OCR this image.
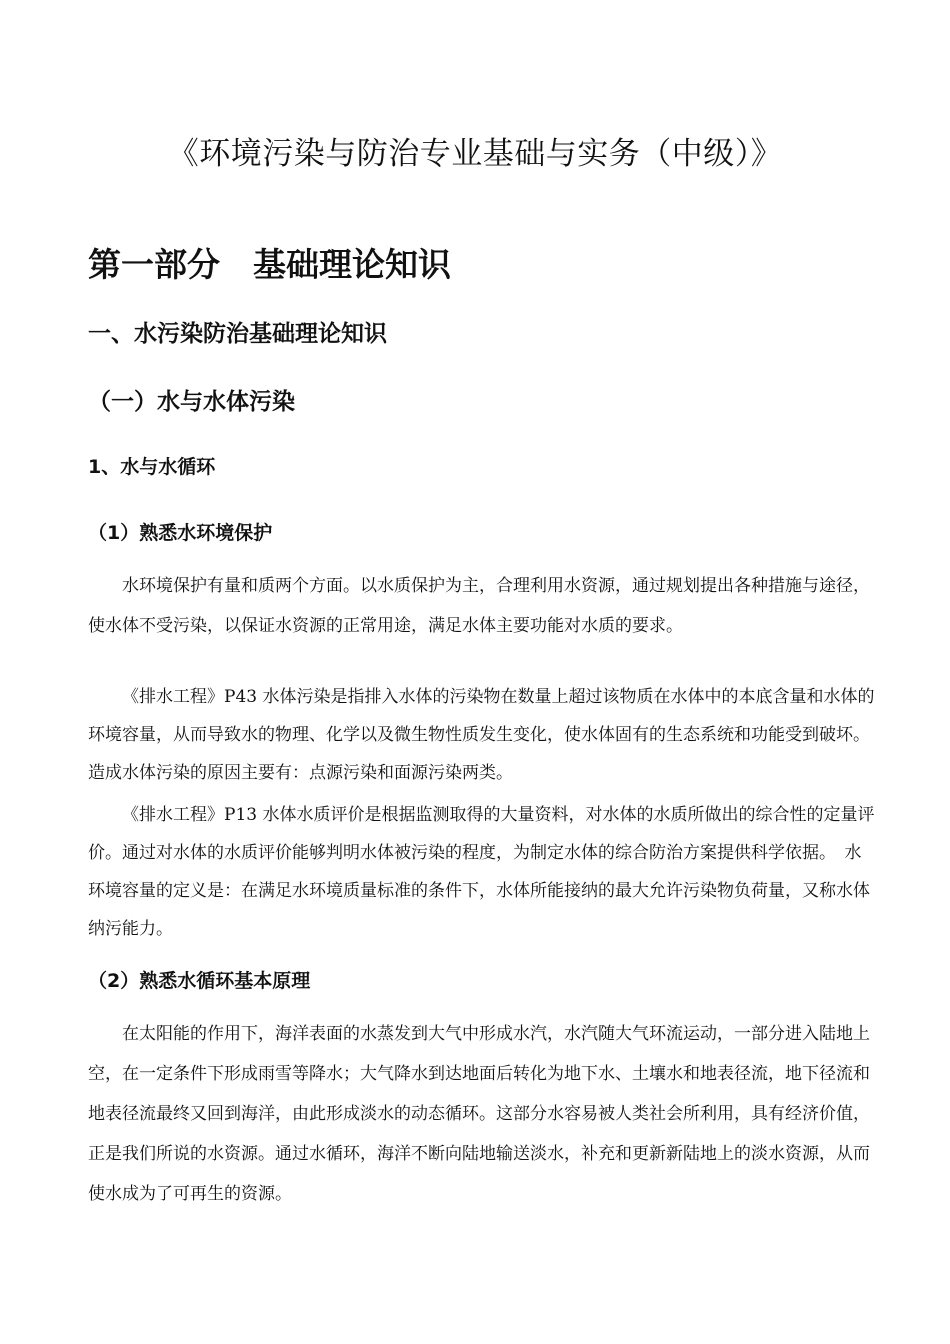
《环境污染与防治专业基础与实务（中级）》
第一部分　基础理论知识
一、水污染防治基础理论知识
（一）水与水体污染
1、水与水循环
（1）熟悉水环境保护

水环境保护有量和质两个方面。以水质保护为主，合理利用水资源，通过规划提出各种措施与途径，使水体不受污染，以保证水资源的正常用途，满足水体主要功能对水质的要求。

《排水工程》P43 水体污染是指排入水体的污染物在数量上超过该物质在水体中的本底含量和水体的环境容量，从而导致水的物理、化学以及微生物性质发生变化，使水体固有的生态系统和功能受到破坏。　造成水体污染的原因主要有：点源污染和面源污染两类。

《排水工程》P13 水体水质评价是根据监测取得的大量资料，对水体的水质所做出的综合性的定量评价。通过对水体的水质评价能够判明水体被污染的程度，为制定水体的综合防治方案提供科学依据。　水环境容量的定义是：在满足水环境质量标准的条件下，水体所能接纳的最大允许污染物负荷量，又称水体纳污能力。

（2）熟悉水循环基本原理

在太阳能的作用下，海洋表面的水蒸发到大气中形成水汽，水汽随大气环流运动，一部分进入陆地上空，在一定条件下形成雨雪等降水；大气降水到达地面后转化为地下水、土壤水和地表径流，地下径流和地表径流最终又回到海洋，由此形成淡水的动态循环。这部分水容易被人类社会所利用，具有经济价值，正是我们所说的水资源。通过水循环，海洋不断向陆地输送淡水，补充和更新新陆地上的淡水资源，从而使水成为了可再生的资源。
